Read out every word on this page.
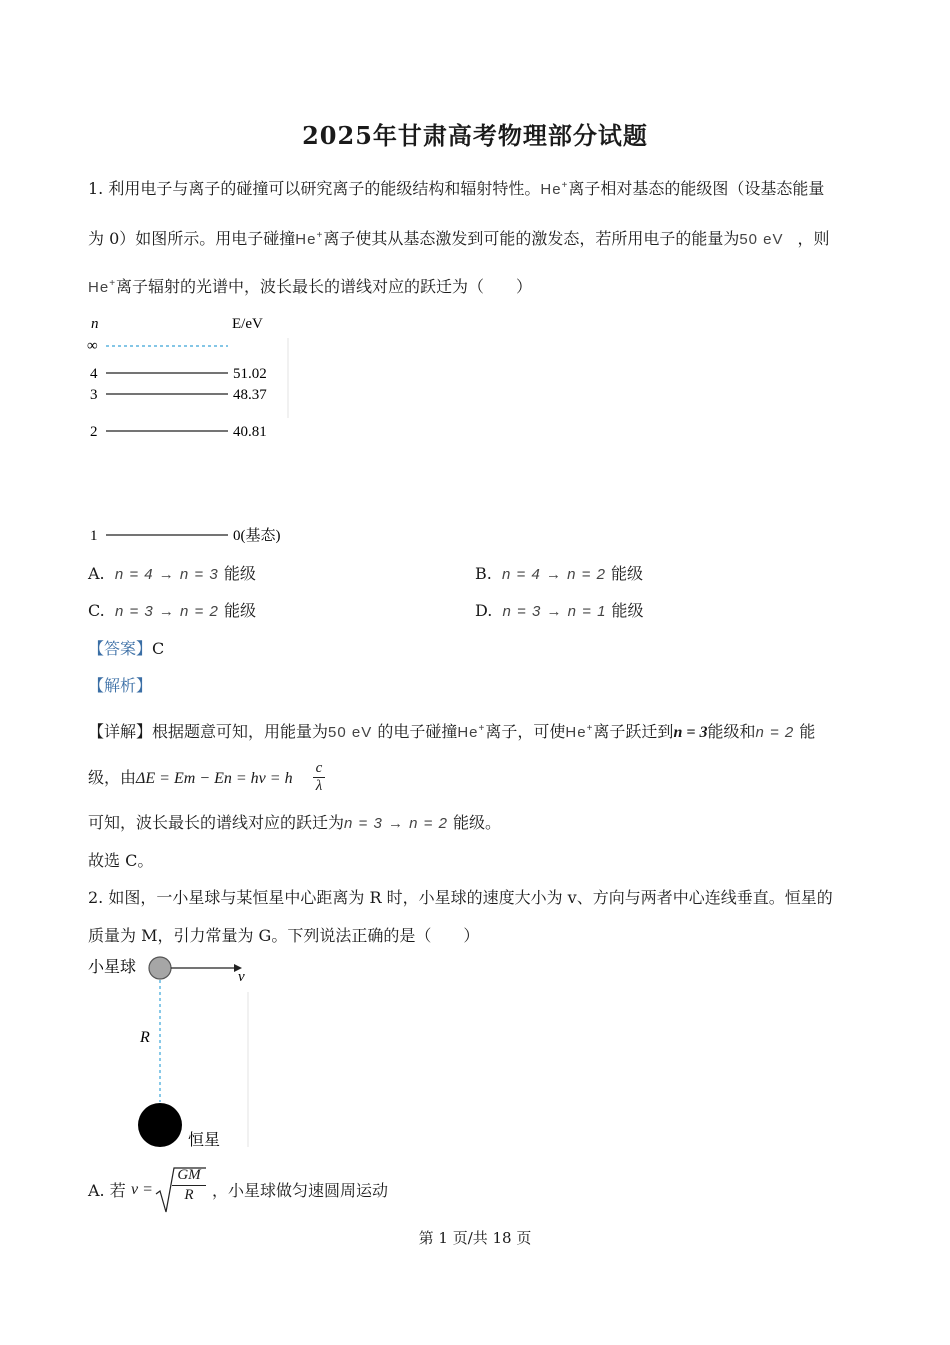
2025年甘肃高考物理部分试题
1. 利用电子与离子的碰撞可以研究离子的能级结构和辐射特性。He+离子相对基态的能级图（设基态能量
为 0）如图所示。用电子碰撞He+离子使其从基态激发到可能的激发态，若所用电子的能量为50 eV ，则
He+离子辐射的光谱中，波长最长的谱线对应的跃迁为（　　）
n	E/eV
∞
4	51.02
3	48.37
2	40.81
1	0(基态)
A. n = 4 → n = 3 能级	B. n = 4 → n = 2 能级
C. n = 3 → n = 2 能级	D. n = 3 → n = 1 能级
【答案】C
【解析】
【详解】根据题意可知，用能量为50 eV 的电子碰撞He+离子，可使He+离子跃迁到n = 3能级和n = 2 能
级，由ΔE = Em − En = hν = h
c
λ
可知，波长最长的谱线对应的跃迁为n = 3 → n = 2 能级。
故选 C。
2. 如图，一小星球与某恒星中心距离为 R 时，小星球的速度大小为 v、方向与两者中心连线垂直。恒星的
质量为 M，引力常量为 G。下列说法正确的是（　　）
小星球
v
R
恒星
A. 若 v =
GM
R	，小星球做匀速圆周运动
第 1 页/共 18 页
